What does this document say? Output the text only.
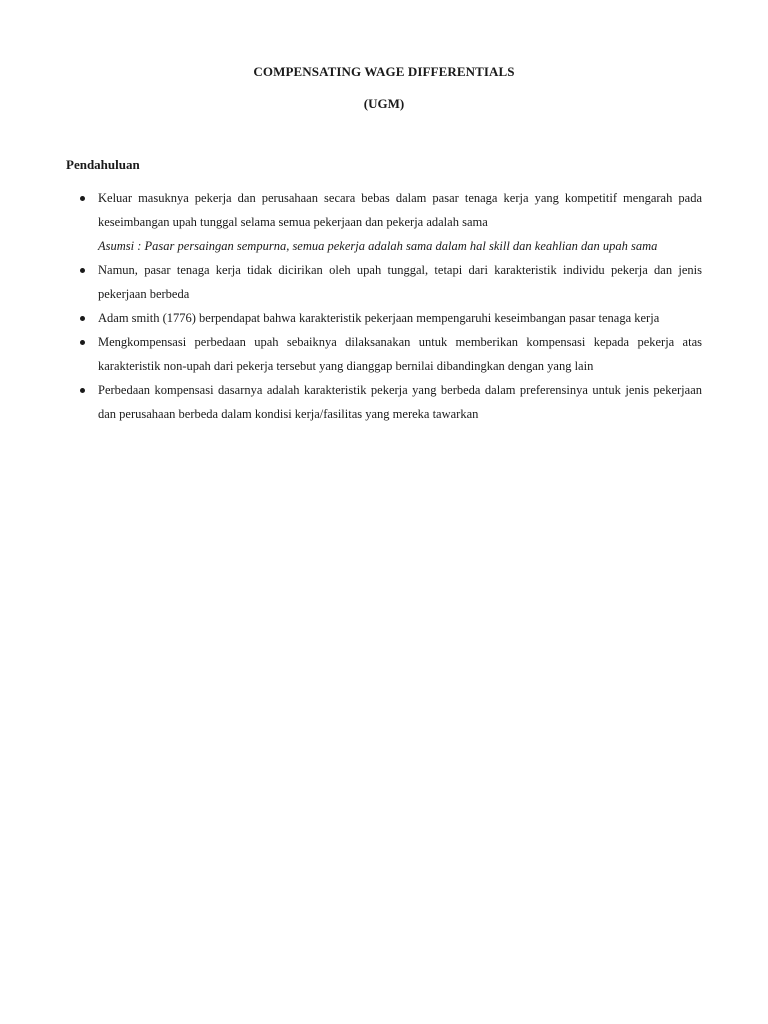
COMPENSATING WAGE DIFFERENTIALS
(UGM)
Pendahuluan
Keluar masuknya pekerja dan perusahaan secara bebas dalam pasar tenaga kerja yang kompetitif mengarah pada keseimbangan upah tunggal selama semua pekerjaan dan pekerja adalah sama
Asumsi : Pasar persaingan sempurna, semua pekerja adalah sama dalam hal skill dan keahlian dan upah sama
Namun, pasar tenaga kerja tidak dicirikan oleh upah tunggal, tetapi dari karakteristik individu pekerja dan jenis pekerjaan berbeda
Adam smith (1776) berpendapat bahwa karakteristik pekerjaan mempengaruhi keseimbangan pasar tenaga kerja
Mengkompensasi perbedaan upah sebaiknya dilaksanakan untuk memberikan kompensasi kepada pekerja atas karakteristik non-upah dari pekerja tersebut yang dianggap bernilai dibandingkan dengan yang lain
Perbedaan kompensasi dasarnya adalah karakteristik pekerja yang berbeda dalam preferensinya untuk jenis pekerjaan dan perusahaan berbeda dalam kondisi kerja/fasilitas yang mereka tawarkan
